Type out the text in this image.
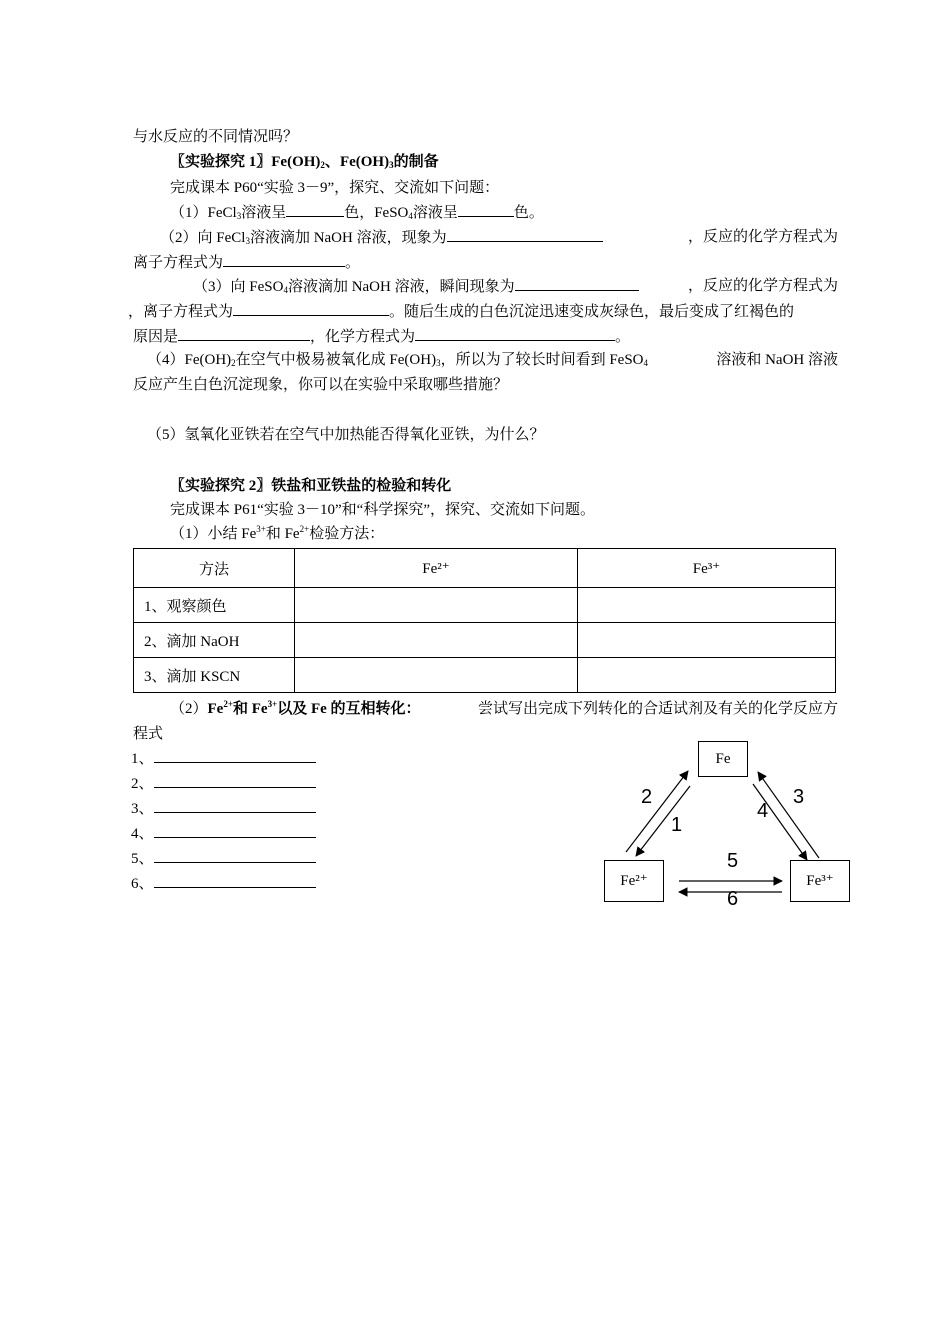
与水反应的不同情况吗？
〖实验探究 1〗$Fe(OH)_2$、$Fe(OH)_3$的制备
完成课本 P60“实验 3－9”，探究、交流如下问题：
（1）FeCl$_3$溶液呈	色，FeSO$_4$溶液呈	色。
（2）向 FeCl$_3$溶液滴加 NaOH 溶液，现象为	，反应的化学方程式为
离子方程式为	。
（3）向 FeSO$_4$溶液滴加 NaOH 溶液，瞬间现象为	，反应的化学方程式为
，离子方程式为	。随后生成的白色沉淀迅速变成灰绿色，最后变成了红褐色的
原因是	，化学方程式为	。
$(4)Fe(OH)_2$在空气中极易被氧化成 $Fe(OH)_3$，所以为了较长时间看到 FeSO$_4$	溶液和 NaOH 溶液
反应产生白色沉淀现象，你可以在实验中采取哪些措施？
（5）氢氧化亚铁若在空气中加热能否得氧化亚铁，为什么？
〖实验探究 2〗铁盐和亚铁盐的检验和转化
完成课本 P61“实验 3－10”和“科学探究”，探究、交流如下问题。
（1）小结 $Fe^{3+}$和 $Fe^{2+}$检验方法：
方法	Fe²⁺	Fe³⁺
1、观察颜色		
2、滴加 NaOH		
3、滴加 KSCN		
$(2)Fe^{2+}$和 $Fe^{3+}$以及 Fe 的互相转化：	尝试写出完成下列转化的合适试剂及有关的化学反应方
程式
1、
2、
3、
4、
5、
6、
Fe
Fe²⁺	Fe³⁺
2
1
3
4
5
6
